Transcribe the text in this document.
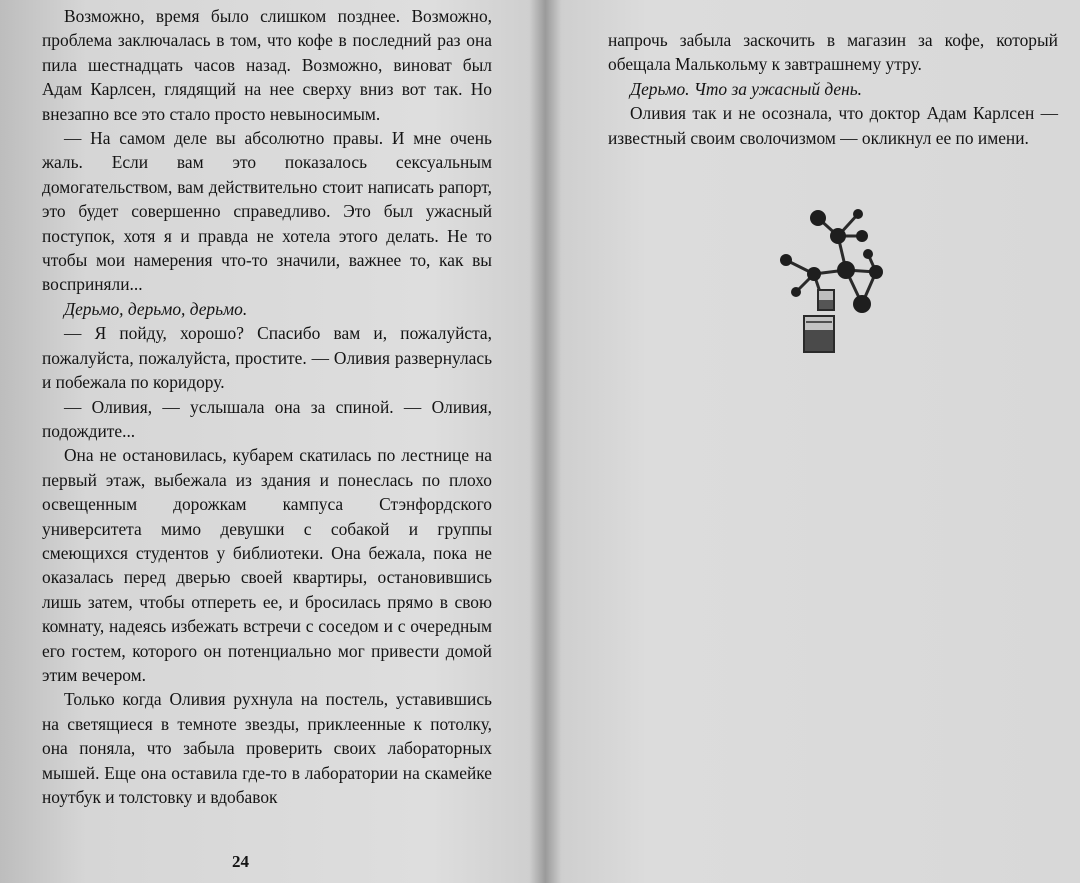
Возможно, время было слишком позднее. Возможно, проблема заключалась в том, что кофе в последний раз она пила шестнадцать часов назад. Возможно, виноват был Адам Карлсен, глядящий на нее сверху вниз вот так. Но внезапно все это стало просто невыносимым.

— На самом деле вы абсолютно правы. И мне очень жаль. Если вам это показалось сексуальным домогательством, вам действительно стоит написать рапорт, это будет совершенно справедливо. Это был ужасный поступок, хотя я и правда не хотела этого делать. Не то чтобы мои намерения что-то значили, важнее то, как вы восприняли...

Дерьмо, дерьмо, дерьмо.

— Я пойду, хорошо? Спасибо вам и, пожалуйста, пожалуйста, пожалуйста, простите. — Оливия развернулась и побежала по коридору.

— Оливия, — услышала она за спиной. — Оливия, подождите...

Она не остановилась, кубарем скатилась по лестнице на первый этаж, выбежала из здания и понеслась по плохо освещенным дорожкам кампуса Стэнфордского университета мимо девушки с собакой и группы смеющихся студентов у библиотеки. Она бежала, пока не оказалась перед дверью своей квартиры, остановившись лишь затем, чтобы отпереть ее, и бросилась прямо в свою комнату, надеясь избежать встречи с соседом и с очередным его гостем, которого он потенциально мог привести домой этим вечером.

Только когда Оливия рухнула на постель, уставившись на светящиеся в темноте звезды, приклеенные к потолку, она поняла, что забыла проверить своих лабораторных мышей. Еще она оставила где-то в лаборатории на скамейке ноутбук и толстовку и вдобавок

24

напрочь забыла заскочить в магазин за кофе, который обещала Малькольму к завтрашнему утру.

Дерьмо. Что за ужасный день.

Оливия так и не осознала, что доктор Адам Карлсен — известный своим сволочизмом — окликнул ее по имени.
